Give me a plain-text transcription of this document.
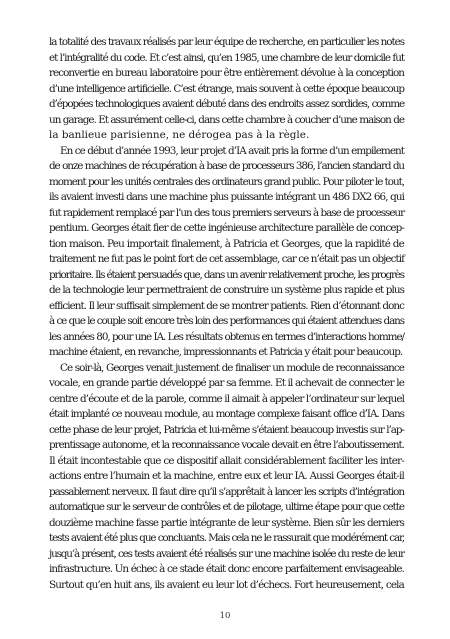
la totalité des travaux réalisés par leur équipe de recherche, en particulier les notes
et l’intégralité du code. Et c’est ainsi, qu’en 1985, une chambre de leur domicile fut
reconvertie en bureau laboratoire pour être entièrement dévolue à la conception
d’une intelligence artificielle. C’est étrange, mais souvent à cette époque beaucoup
d’épopées technologiques avaient débuté dans des endroits assez sordides, comme
un garage. Et assurément celle-ci, dans cette chambre à coucher d’une maison de
la banlieue parisienne, ne dérogea pas à la règle.
En ce début d’année 1993, leur projet d’IA avait pris la forme d’un empilement
de onze machines de récupération à base de processeurs 386, l’ancien standard du
moment pour les unités centrales des ordinateurs grand public. Pour piloter le tout,
ils avaient investi dans une machine plus puissante intégrant un 486 DX2 66, qui
fut rapidement remplacé par l’un des tous premiers serveurs à base de processeur
pentium. Georges était fier de cette ingénieuse architecture parallèle de concep-
tion maison. Peu importait finalement, à Patricia et Georges, que la rapidité de
traitement ne fut pas le point fort de cet assemblage, car ce n’était pas un objectif
prioritaire. Ils étaient persuadés que, dans un avenir relativement proche, les progrès
de la technologie leur permettraient de construire un système plus rapide et plus
efficient. Il leur suffisait simplement de se montrer patients. Rien d’étonnant donc
à ce que le couple soit encore très loin des performances qui étaient attendues dans
les années 80, pour une IA. Les résultats obtenus en termes d’interactions homme/
machine étaient, en revanche, impressionnants et Patricia y était pour beaucoup.
Ce soir-là, Georges venait justement de finaliser un module de reconnaissance
vocale, en grande partie développé par sa femme. Et il achevait de connecter le
centre d’écoute et de la parole, comme il aimait à appeler l’ordinateur sur lequel
était implanté ce nouveau module, au montage complexe faisant office d’IA. Dans
cette phase de leur projet, Patricia et lui-même s’étaient beaucoup investis sur l’ap-
prentissage autonome, et la reconnaissance vocale devait en être l’aboutissement.
Il était incontestable que ce dispositif allait considérablement faciliter les inter-
actions entre l’humain et la machine, entre eux et leur IA. Aussi Georges était-il
passablement nerveux. Il faut dire qu’il s’apprêtait à lancer les scripts d’intégration
automatique sur le serveur de contrôles et de pilotage, ultime étape pour que cette
douzième machine fasse partie intégrante de leur système. Bien sûr les derniers
tests avaient été plus que concluants. Mais cela ne le rassurait que modérément car,
jusqu’à présent, ces tests avaient été réalisés sur une machine isolée du reste de leur
infrastructure. Un échec à ce stade était donc encore parfaitement envisageable.
Surtout qu’en huit ans, ils avaient eu leur lot d’échecs. Fort heureusement, cela
10
